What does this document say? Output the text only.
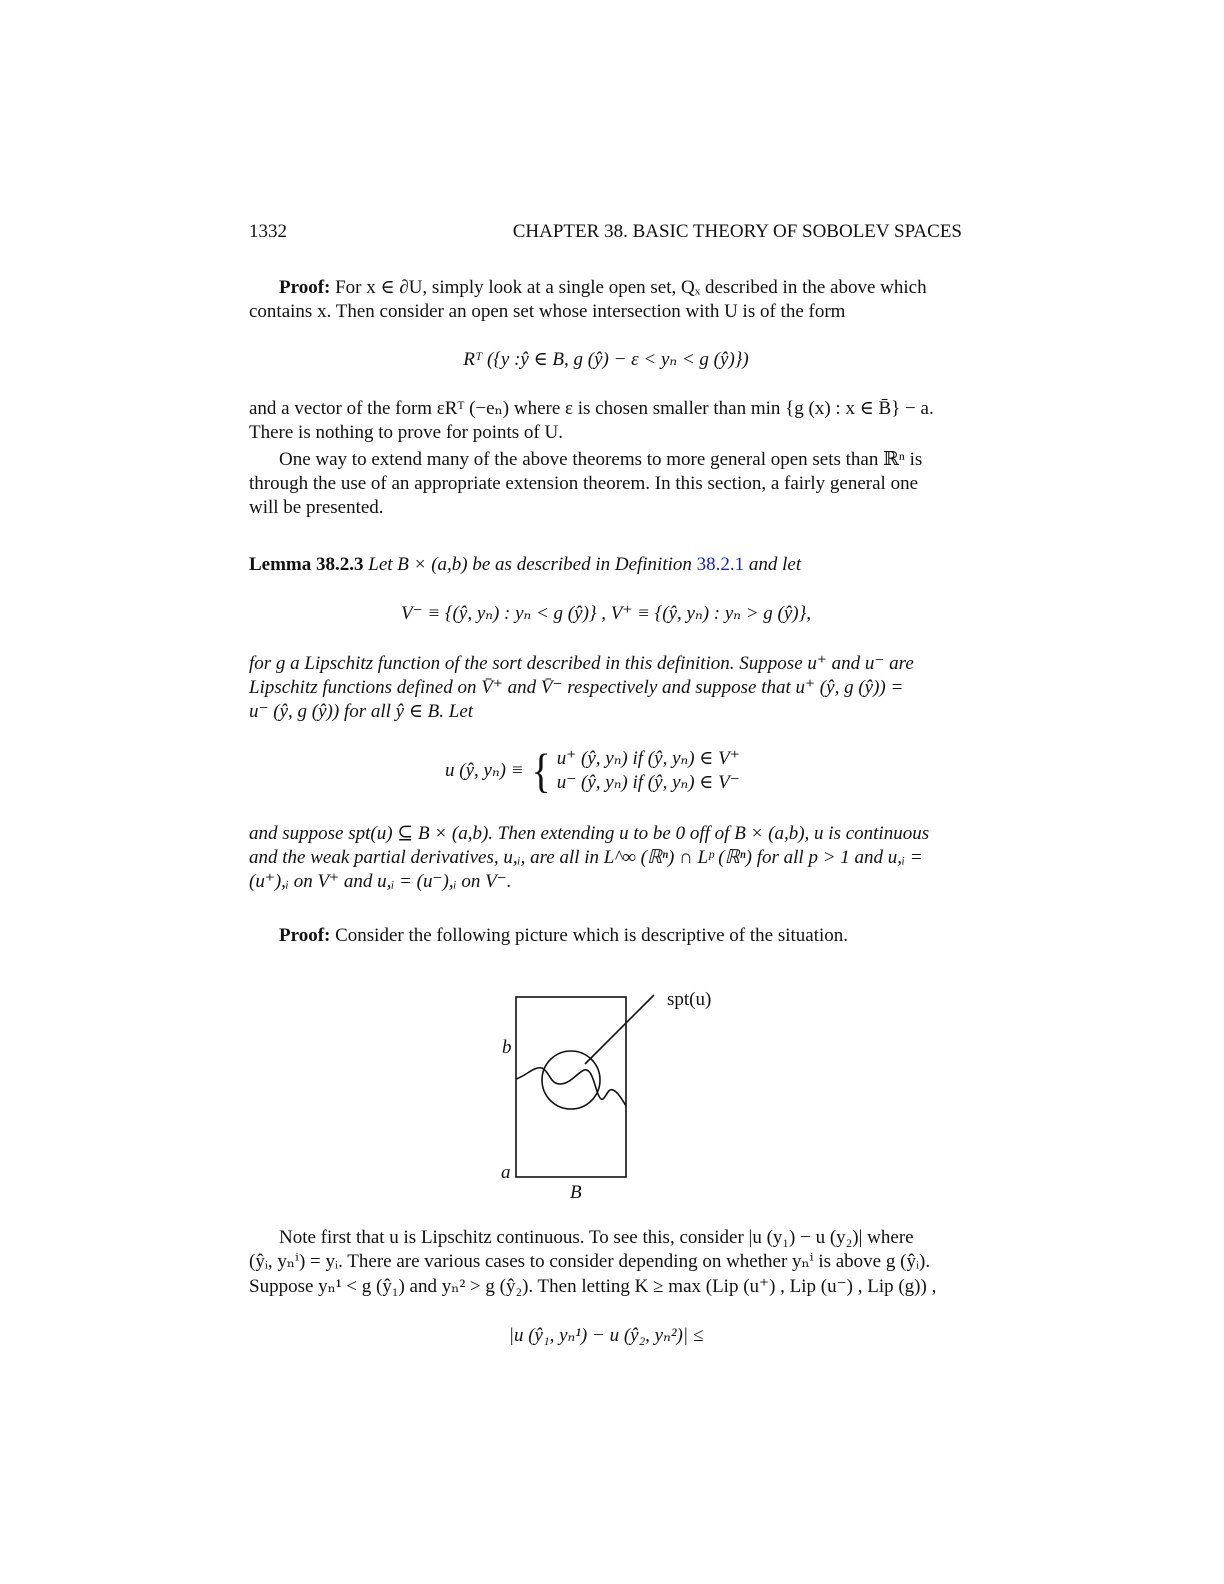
1332	CHAPTER 38. BASIC THEORY OF SOBOLEV SPACES
Proof: For x ∈ ∂U, simply look at a single open set, Qₓ described in the above which
contains x. Then consider an open set whose intersection with U is of the form
Rᵀ ({y :ŷ ∈ B, g (ŷ) − ε < yₙ < g (ŷ)})
and a vector of the form εRᵀ (−eₙ) where ε is chosen smaller than min {g (x) : x ∈ B̄} − a.
There is nothing to prove for points of U.
One way to extend many of the above theorems to more general open sets than ℝⁿ is
through the use of an appropriate extension theorem. In this section, a fairly general one
will be presented.
Lemma 38.2.3 Let B × (a,b) be as described in Definition 38.2.1 and let
V⁻ ≡ {(ŷ, yₙ) : yₙ < g (ŷ)} , V⁺ ≡ {(ŷ, yₙ) : yₙ > g (ŷ)},
for g a Lipschitz function of the sort described in this definition. Suppose u⁺ and u⁻ are
Lipschitz functions defined on V̄⁺ and V̄⁻ respectively and suppose that u⁺ (ŷ, g (ŷ)) =
u⁻ (ŷ, g (ŷ)) for all ŷ ∈ B. Let
u (ŷ, yₙ) ≡ { u⁺ (ŷ, yₙ) if (ŷ, yₙ) ∈ V⁺
u⁻ (ŷ, yₙ) if (ŷ, yₙ) ∈ V⁻
and suppose spt(u) ⊆ B × (a,b). Then extending u to be 0 off of B × (a,b), u is continuous
and the weak partial derivatives, u,ᵢ, are all in L^∞ (ℝⁿ) ∩ Lᵖ (ℝⁿ) for all p > 1 and u,ᵢ =
(u⁺),ᵢ on V⁺ and u,ᵢ = (u⁻),ᵢ on V⁻.
Proof: Consider the following picture which is descriptive of the situation.
spt(u)
b
a
B
Note first that u is Lipschitz continuous. To see this, consider |u (y₁) − u (y₂)| where
(ŷᵢ, yₙⁱ) = yᵢ. There are various cases to consider depending on whether yₙⁱ is above g (ŷᵢ).
Suppose yₙ¹ < g (ŷ₁) and yₙ² > g (ŷ₂). Then letting K ≥ max (Lip (u⁺) , Lip (u⁻) , Lip (g)) ,
|u (ŷ₁, yₙ¹) − u (ŷ₂, yₙ²)| ≤
